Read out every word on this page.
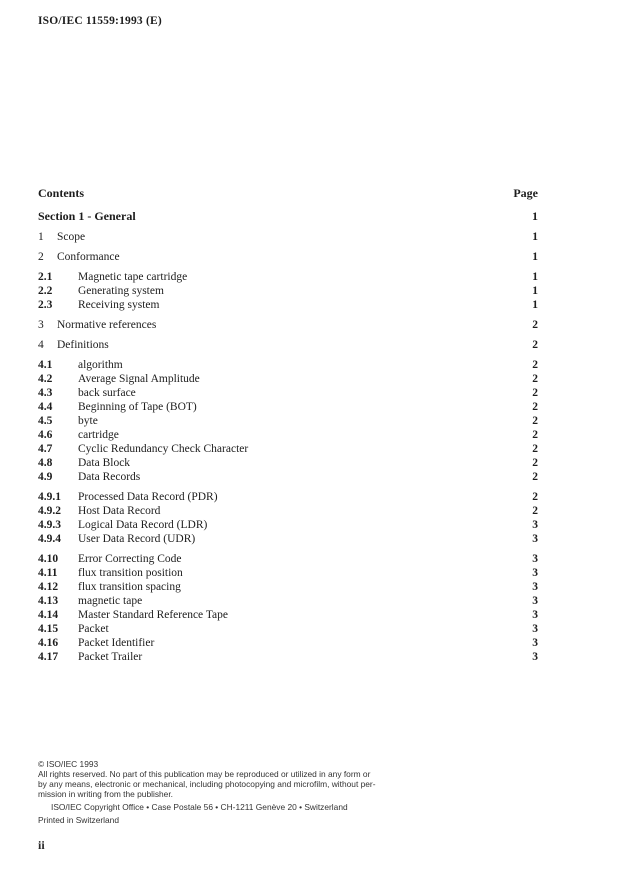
ISO/IEC 11559:1993 (E)
Contents	Page
Section 1 - General	1
1	Scope	1
2	Conformance	1
2.1	Magnetic tape cartridge	1
2.2	Generating system	1
2.3	Receiving system	1
3	Normative references	2
4	Definitions	2
4.1	algorithm	2
4.2	Average Signal Amplitude	2
4.3	back surface	2
4.4	Beginning of Tape (BOT)	2
4.5	byte	2
4.6	cartridge	2
4.7	Cyclic Redundancy Check Character	2
4.8	Data Block	2
4.9	Data Records	2
4.9.1	Processed Data Record (PDR)	2
4.9.2	Host Data Record	2
4.9.3	Logical Data Record (LDR)	3
4.9.4	User Data Record (UDR)	3
4.10	Error Correcting Code	3
4.11	flux transition position	3
4.12	flux transition spacing	3
4.13	magnetic tape	3
4.14	Master Standard Reference Tape	3
4.15	Packet	3
4.16	Packet Identifier	3
4.17	Packet Trailer	3
© ISO/IEC 1993
All rights reserved. No part of this publication may be reproduced or utilized in any form or
by any means, electronic or mechanical, including photocopying and microfilm, without per-
mission in writing from the publisher.
ISO/IEC Copyright Office • Case Postale 56 • CH-1211 Genève 20 • Switzerland
Printed in Switzerland
ii
